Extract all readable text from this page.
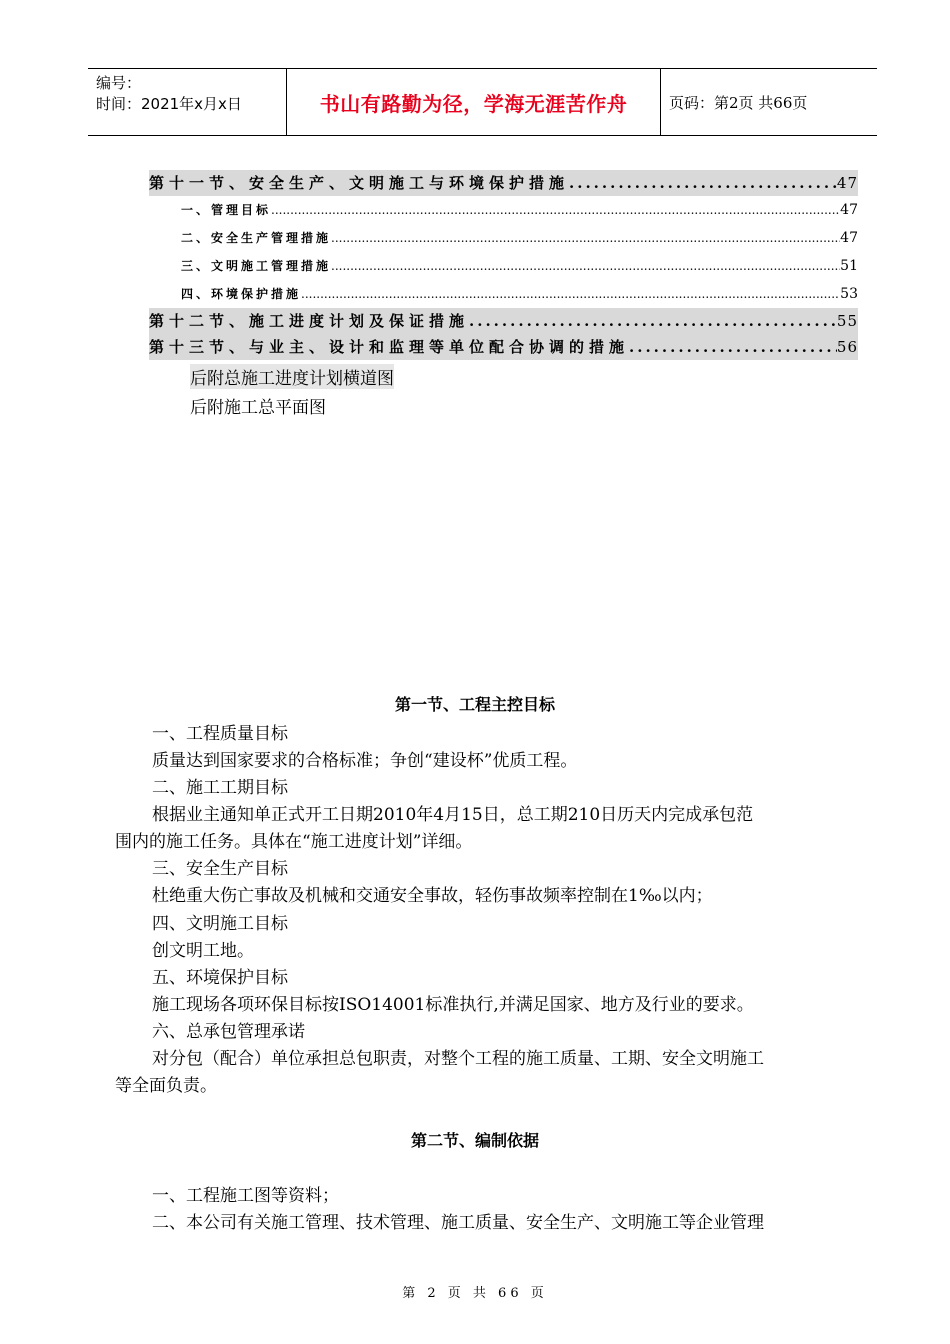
编号：
时间：2021年x月x日	书山有路勤为径，学海无涯苦作舟	页码：第2页 共66页
第十一节、安全生产、文明施工与环境保护措施 .....	47
一、管理目标 .....	47
二、安全生产管理措施 .....	47
三、文明施工管理措施 .....	51
四、环境保护措施 .....	53
第十二节、施工进度计划及保证措施 .....	55
第十三节、与业主、设计和监理等单位配合协调的措施 .....	56
后附总施工进度计划横道图
后附施工总平面图
第一节、工程主控目标
一、工程质量目标
质量达到国家要求的合格标准；争创“建设杯”优质工程。
二、施工工期目标
根据业主通知单正式开工日期2010年4月15日，总工期210日历天内完成承包范
围内的施工任务。具体在“施工进度计划”详细。
三、安全生产目标
杜绝重大伤亡事故及机械和交通安全事故，轻伤事故频率控制在1‰以内；
四、文明施工目标
创文明工地。
五、环境保护目标
施工现场各项环保目标按ISO14001标准执行,并满足国家、地方及行业的要求。
六、总承包管理承诺
对分包（配合）单位承担总包职责，对整个工程的施工质量、工期、安全文明施工
等全面负责。
第二节、编制依据
一、工程施工图等资料；
二、本公司有关施工管理、技术管理、施工质量、安全生产、文明施工等企业管理
第 2 页 共 66 页
